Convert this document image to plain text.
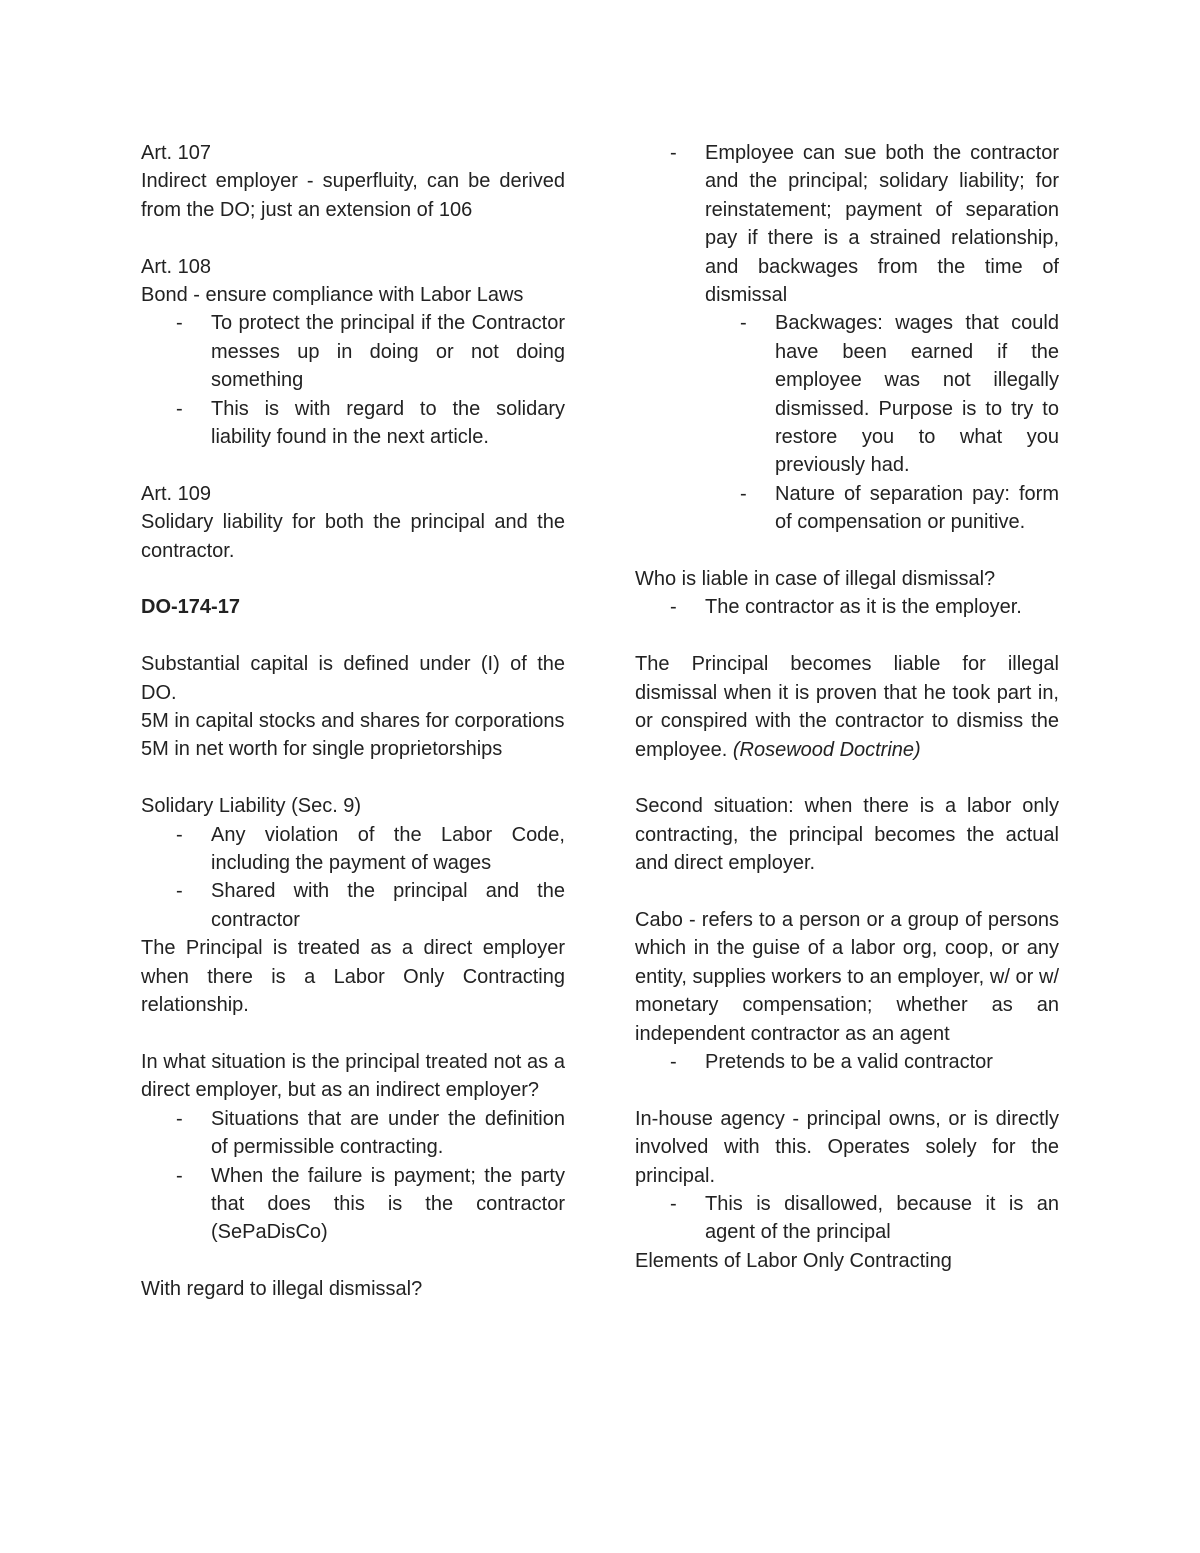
Art. 107

Indirect employer - superfluity, can be derived from the DO; just an extension of 106

Art. 108

Bond - ensure compliance with Labor Laws

- To protect the principal if the Contractor messes up in doing or not doing something
- This is with regard to the solidary liability found in the next article.

Art. 109

Solidary liability for both the principal and the contractor.

DO-174-17

Substantial capital is defined under (I) of the DO.

5M in capital stocks and shares for corporations

5M in net worth for single proprietorships

Solidary Liability (Sec. 9)

- Any violation of the Labor Code, including the payment of wages
- Shared with the principal and the contractor

The Principal is treated as a direct employer when there is a Labor Only Contracting relationship.

In what situation is the principal treated not as a direct employer, but as an indirect employer?

- Situations that are under the definition of permissible contracting.
- When the failure is payment; the party that does this is the contractor (SePaDisCo)

With regard to illegal dismissal?

- Employee can sue both the contractor and the principal; solidary liability; for reinstatement; payment of separation pay if there is a strained relationship, and backwages from the time of dismissal
- Backwages: wages that could have been earned if the employee was not illegally dismissed. Purpose is to try to restore you to what you previously had.
- Nature of separation pay: form of compensation or punitive.

Who is liable in case of illegal dismissal?

- The contractor as it is the employer.

The Principal becomes liable for illegal dismissal when it is proven that he took part in, or conspired with the contractor to dismiss the employee. (Rosewood Doctrine)

Second situation: when there is a labor only contracting, the principal becomes the actual and direct employer.

Cabo - refers to a person or a group of persons which in the guise of a labor org, coop, or any entity, supplies workers to an employer, w/ or w/ monetary compensation; whether as an independent contractor as an agent

- Pretends to be a valid contractor

In-house agency - principal owns, or is directly involved with this. Operates solely for the principal.

- This is disallowed, because it is an agent of the principal

Elements of Labor Only Contracting
